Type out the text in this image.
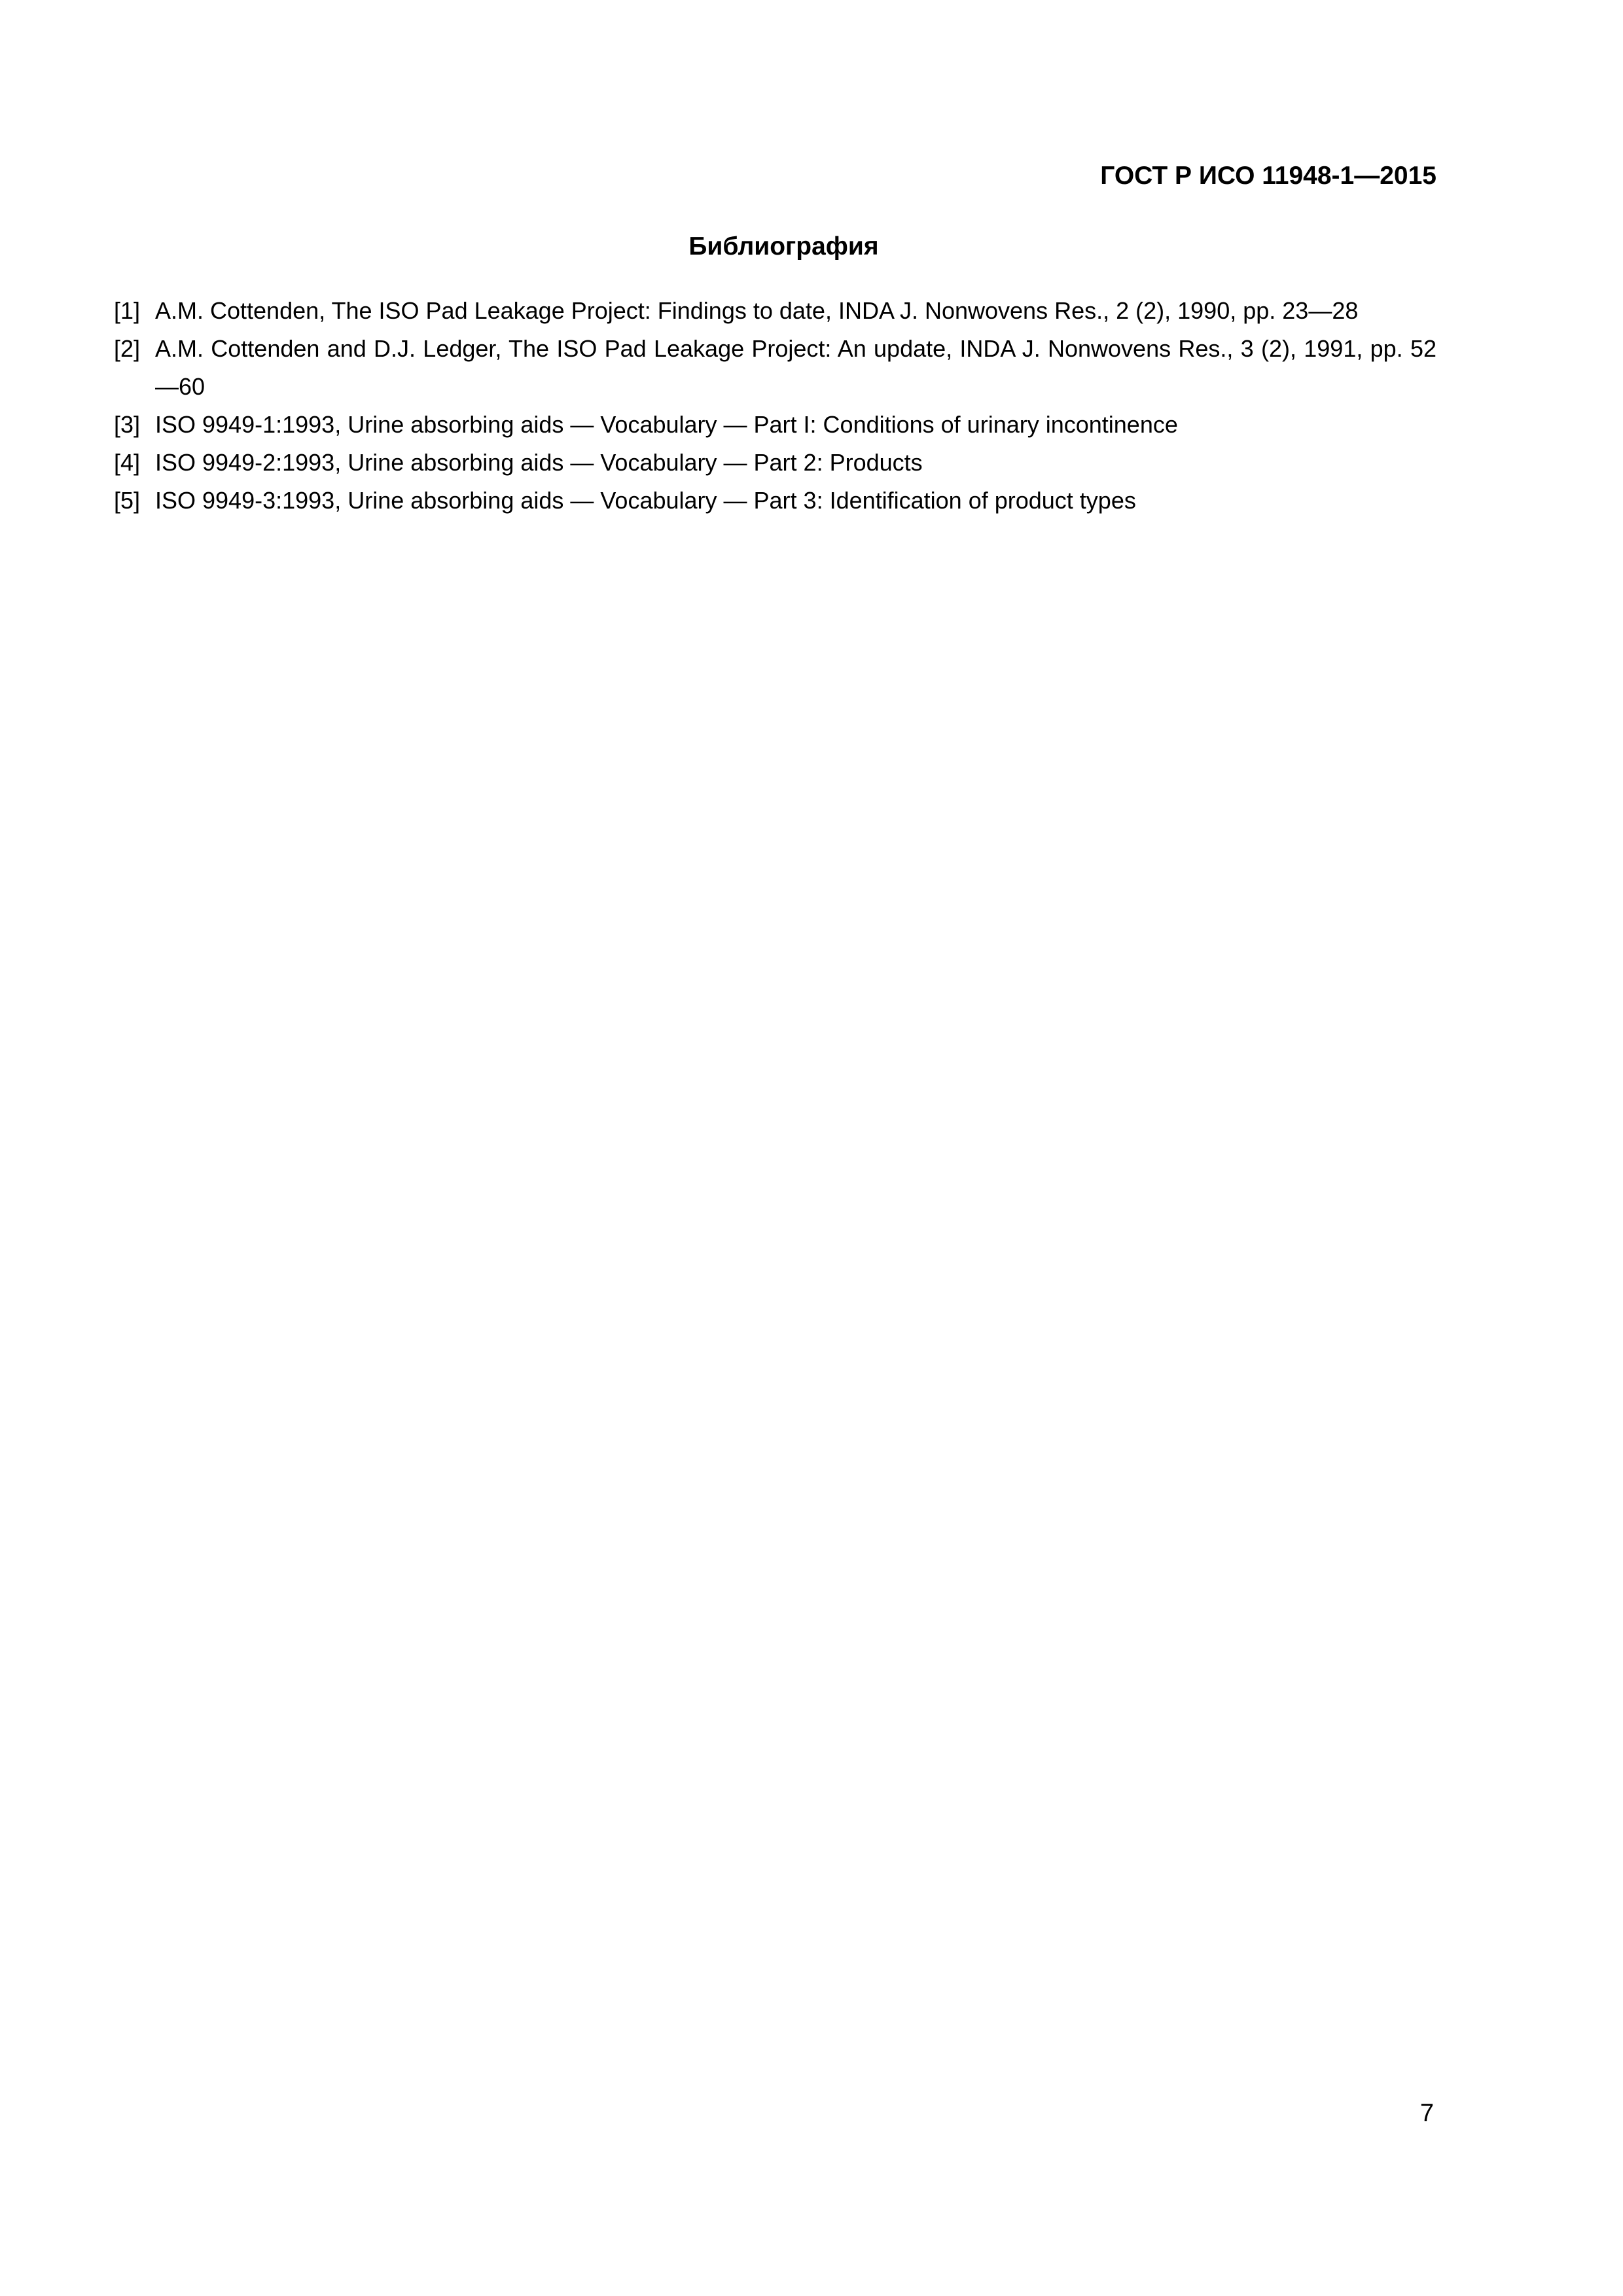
ГОСТ Р ИСО 11948-1—2015
Библиография
[1] A.M. Cottenden, The ISO Pad Leakage Project: Findings to date, INDA J. Nonwovens Res., 2 (2), 1990, pp. 23—28
[2] A.M. Cottenden and D.J. Ledger, The ISO Pad Leakage Project: An update, INDA J. Nonwovens Res., 3 (2), 1991, pp. 52—60
[3] ISO 9949-1:1993, Urine absorbing aids — Vocabulary — Part I: Conditions of urinary incontinence
[4] ISO 9949-2:1993, Urine absorbing aids — Vocabulary — Part 2: Products
[5] ISO 9949-3:1993, Urine absorbing aids — Vocabulary — Part 3: Identification of product types
7
